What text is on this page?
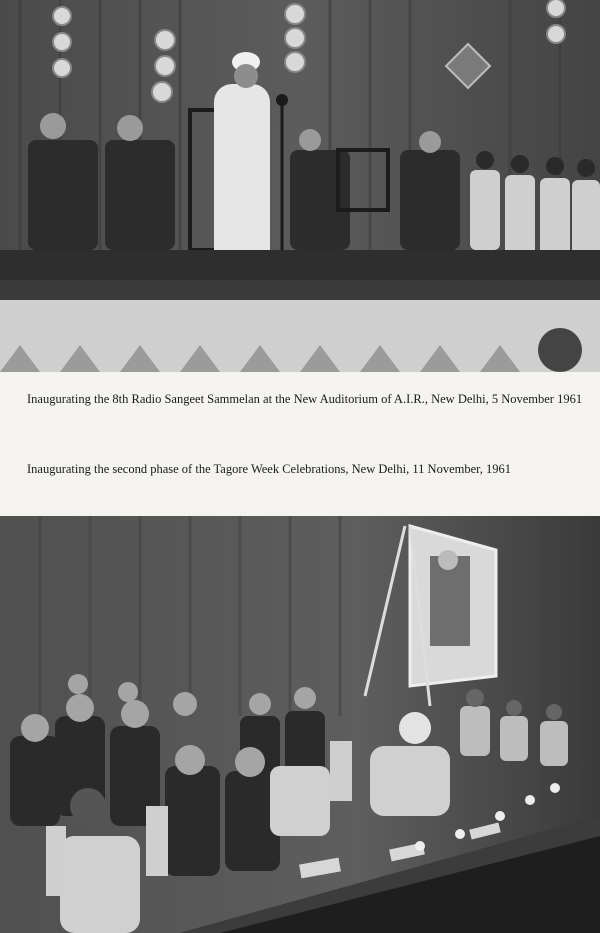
Inaugurating the 8th Radio Sangeet Sammelan at the New Auditorium of A.I.R., New Delhi, 5 November 1961

Inaugurating the second phase of the Tagore Week Celebrations, New Delhi, 11 November, 1961
